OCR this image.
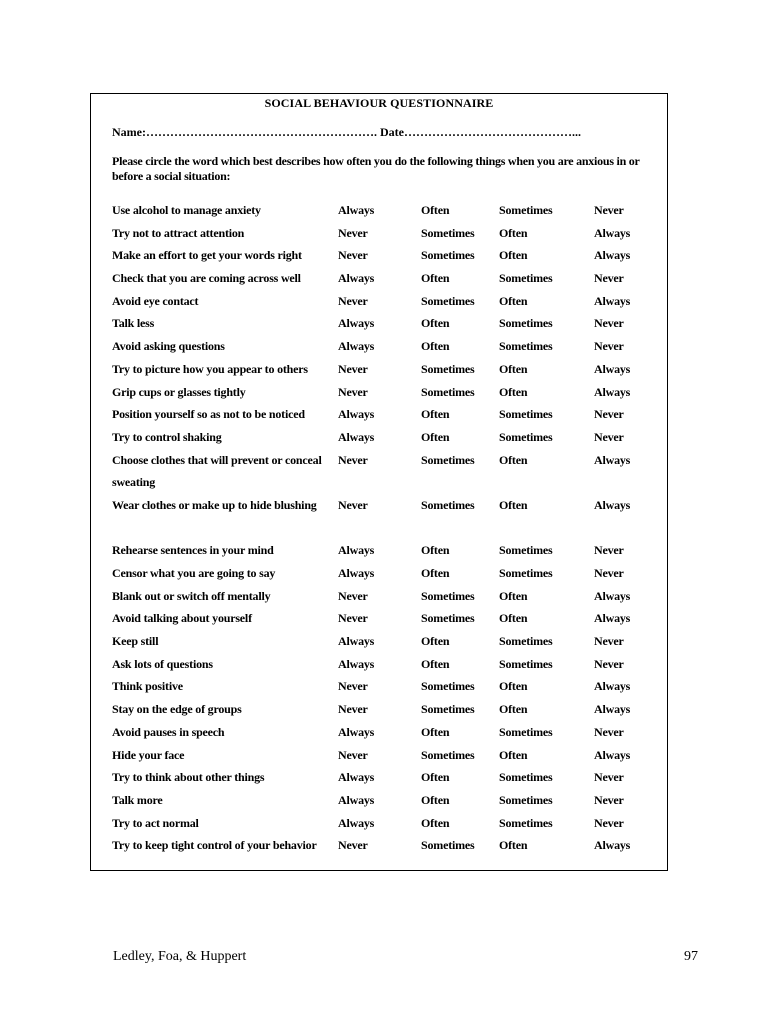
SOCIAL BEHAVIOUR QUESTIONNAIRE
Name:…………………………………………………. Date……………………………………...
Please circle the word which best describes how often you do the following things when you are anxious in or before a social situation:
Use alcohol to manage anxiety	Always	Often	Sometimes	Never
Try not to attract attention	Never	Sometimes Often	Always
Make an effort to get your words right	Never	Sometimes Often	Always
Check that you are coming across well	Always	Often	Sometimes	Never
Avoid eye contact	Never	Sometimes Often	Always
Talk less	Always	Often	Sometimes	Never
Avoid asking questions	Always	Often	Sometimes	Never
Try to picture how you appear to others	Never	Sometimes Often	Always
Grip cups or glasses tightly	Never	Sometimes Often	Always
Position yourself so as not to be noticed	Always	Often	Sometimes	Never
Try to control shaking	Always	Often	Sometimes	Never
Choose clothes that will prevent or conceal sweating
Never	Sometimes Often	Always
Wear clothes or make up to hide blushing	Never	Sometimes Often	Always
Rehearse sentences in your mind	Always	Often	Sometimes	Never
Censor what you are going to say	Always	Often	Sometimes	Never
Blank out or switch off mentally	Never	Sometimes Often	Always
Avoid talking about yourself	Never	Sometimes Often	Always
Keep still	Always	Often	Sometimes	Never
Ask lots of questions	Always	Often	Sometimes	Never
Think positive	Never	Sometimes Often	Always
Stay on the edge of groups	Never	Sometimes Often	Always
Avoid pauses in speech	Always	Often	Sometimes	Never
Hide your face	Never	Sometimes Often	Always
Try to think about other things	Always	Often	Sometimes	Never
Talk more	Always	Often	Sometimes	Never
Try to act normal	Always	Often	Sometimes	Never
Try to keep tight control of your behavior	Never	Sometimes Often	Always
Ledley, Foa, & Huppert	97
